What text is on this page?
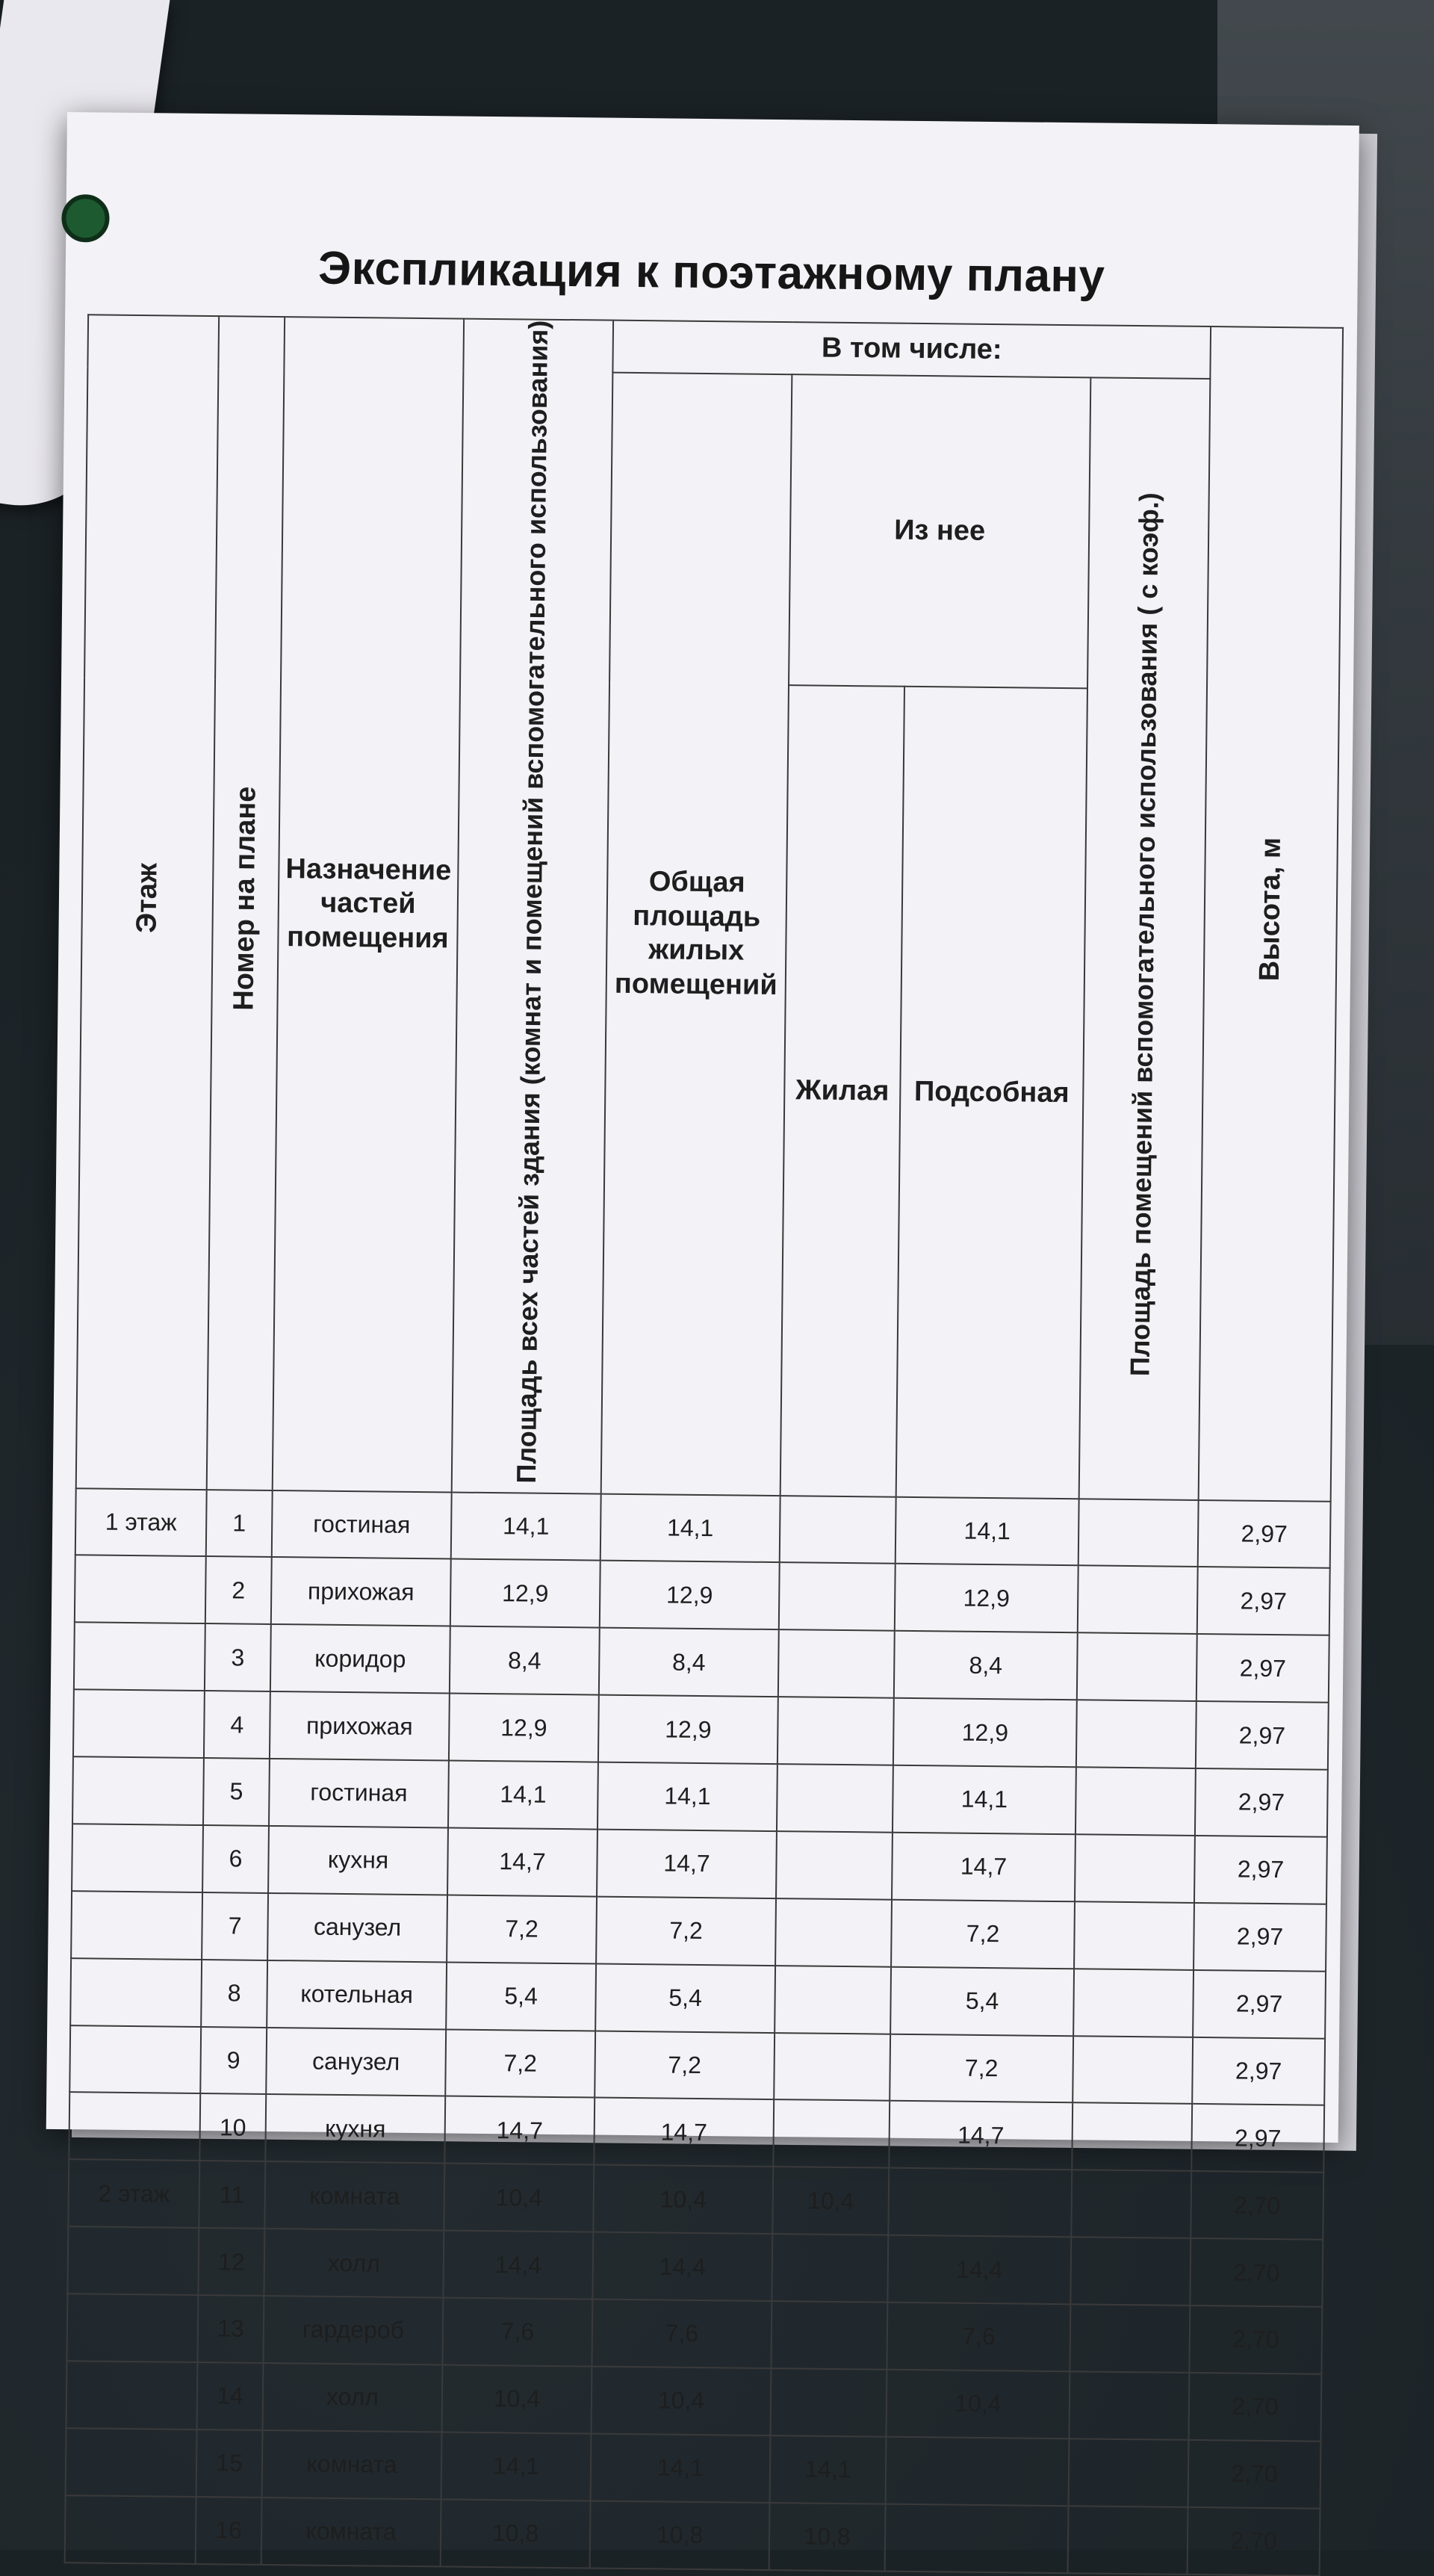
Экспликация к поэтажному плану
Этаж	Номер на плане	Назначение частей помещения	Площадь всех частей здания (комнат и помещений вспомогательного использования)	В том числе:				Высота, м
				Общая площадь жилых помещений	Из нее		Площадь помещений вспомогательного использования ( с коэф.)	
					Жилая	Подсобная		
1 этаж	1	гостиная	14,1	14,1		14,1		2,97
	2	прихожая	12,9	12,9		12,9		2,97
	3	коридор	8,4	8,4		8,4		2,97
	4	прихожая	12,9	12,9		12,9		2,97
	5	гостиная	14,1	14,1		14,1		2,97
	6	кухня	14,7	14,7		14,7		2,97
	7	санузел	7,2	7,2		7,2		2,97
	8	котельная	5,4	5,4		5,4		2,97
	9	санузел	7,2	7,2		7,2		2,97
	10	кухня	14,7	14,7		14,7		2,97
2 этаж	11	комната	10,4	10,4	10,4			2,70
	12	холл	14,4	14,4		14,4		2,70
	13	гардероб	7,6	7,6		7,6		2,70
	14	холл	10,4	10,4		10,4		2,70
	15	комната	14,1	14,1	14,1			2,70
	16	комната	10,8	10,8	10,8			2,70
